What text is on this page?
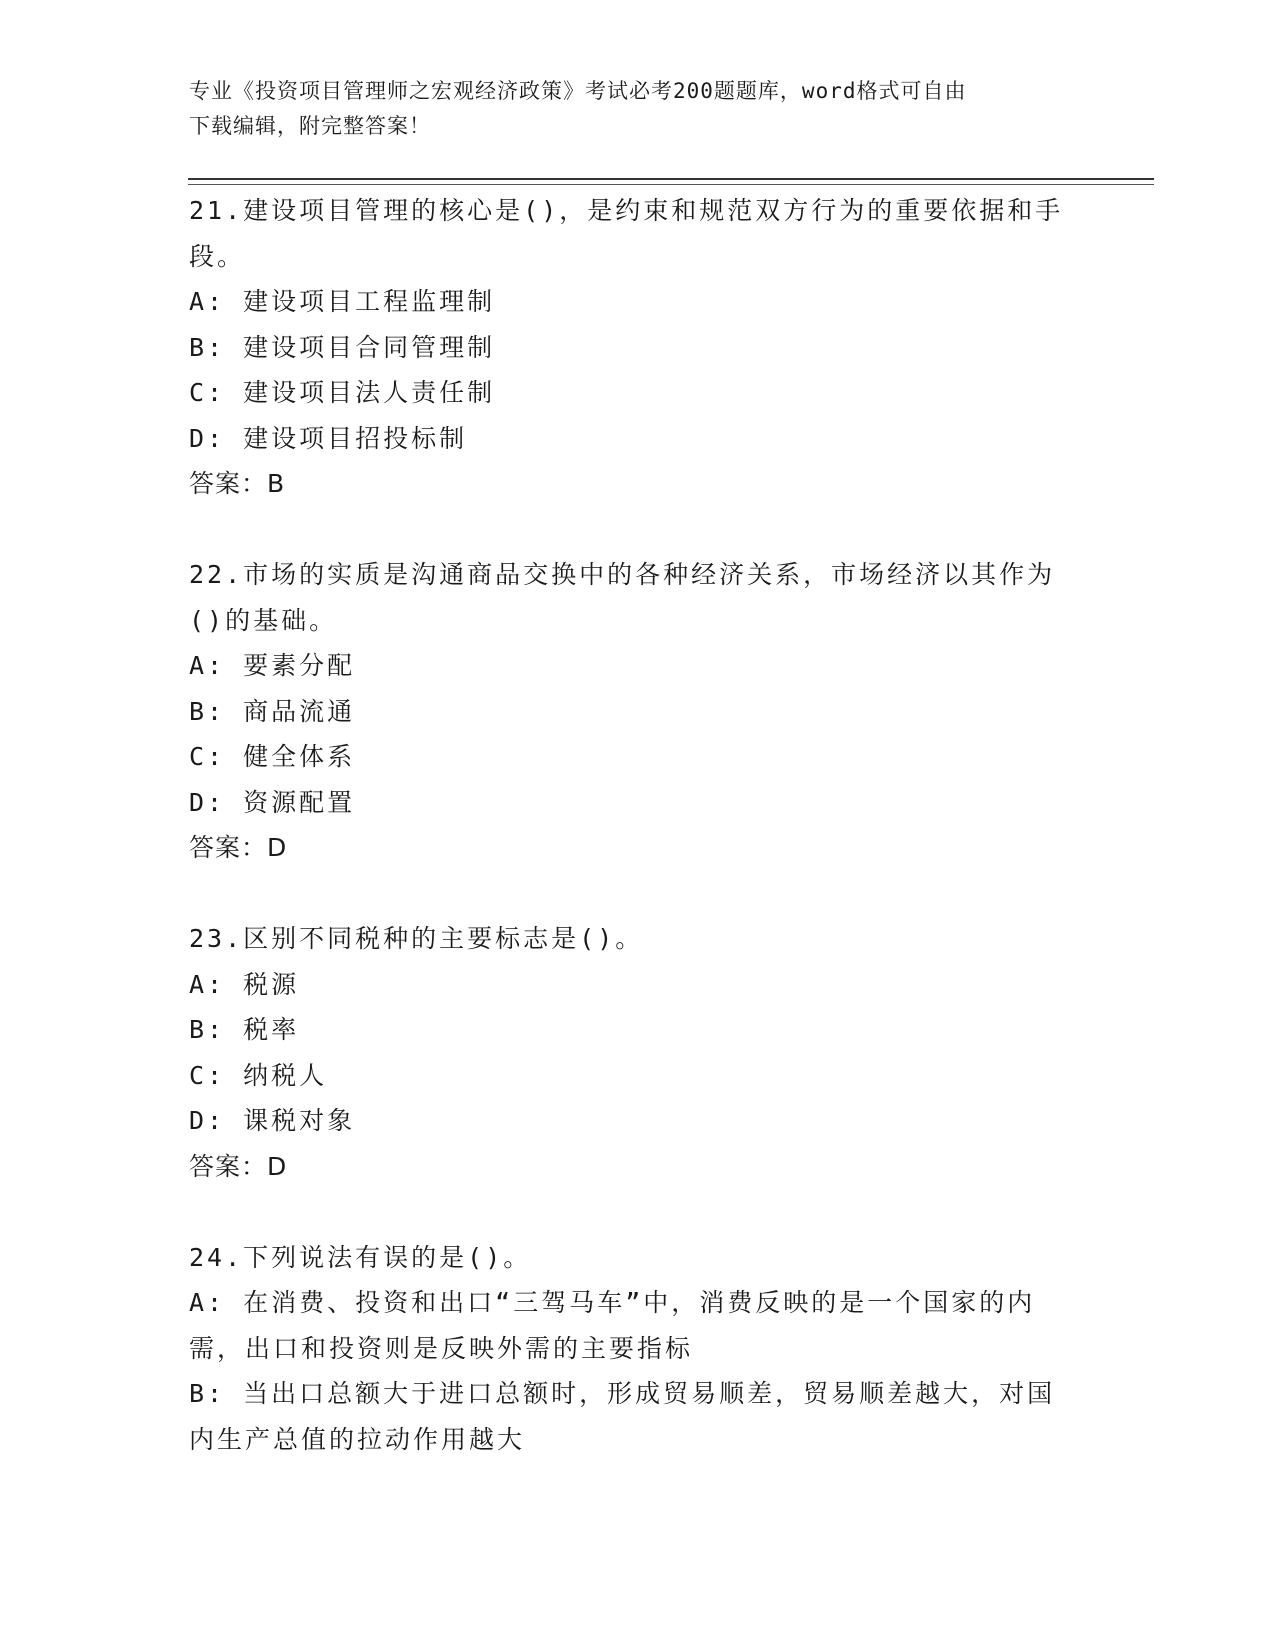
专业《投资项目管理师之宏观经济政策》考试必考200题题库，word格式可自由
下载编辑，附完整答案！
21.建设项目管理的核心是()，是约束和规范双方行为的重要依据和手
段。
A: 建设项目工程监理制
B: 建设项目合同管理制
C: 建设项目法人责任制
D: 建设项目招投标制
答案：B
22.市场的实质是沟通商品交换中的各种经济关系，市场经济以其作为
()的基础。
A: 要素分配
B: 商品流通
C: 健全体系
D: 资源配置
答案：D
23.区别不同税种的主要标志是()。
A: 税源
B: 税率
C: 纳税人
D: 课税对象
答案：D
24.下列说法有误的是()。
A: 在消费、投资和出口“三驾马车”中，消费反映的是一个国家的内
需，出口和投资则是反映外需的主要指标
B: 当出口总额大于进口总额时，形成贸易顺差，贸易顺差越大，对国
内生产总值的拉动作用越大
